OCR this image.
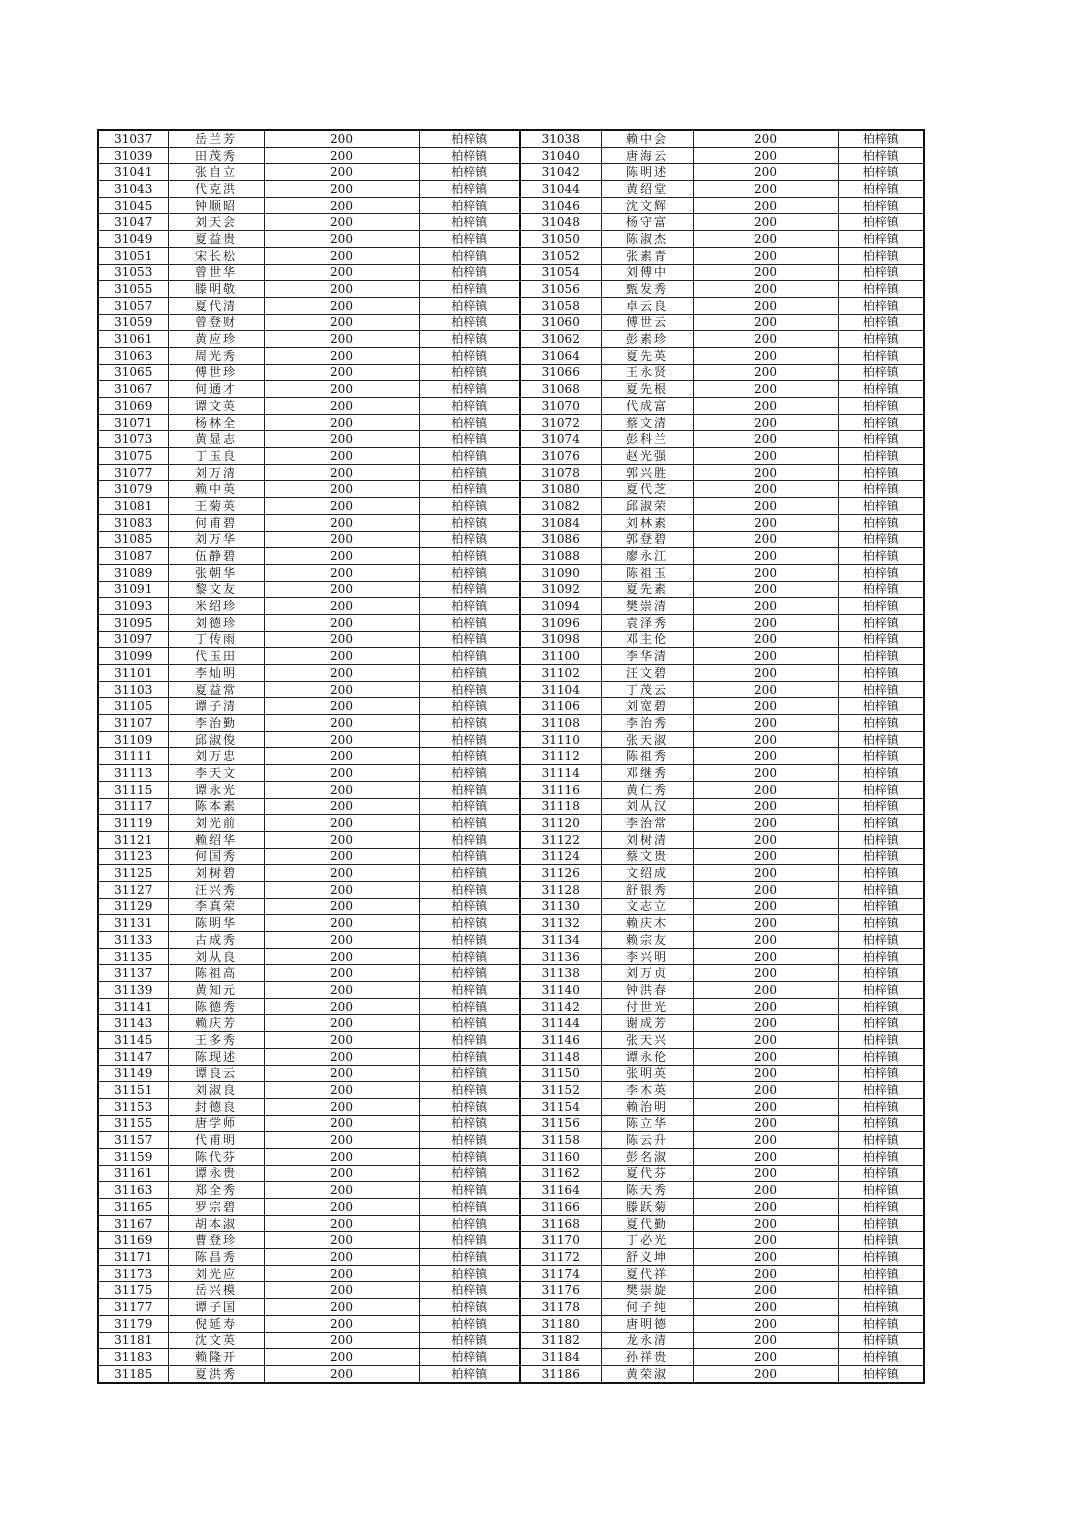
31037	岳兰芳	200	柏梓镇	31038	赖中会	200	柏梓镇
31039	田茂秀	200	柏梓镇	31040	唐海云	200	柏梓镇
31041	张自立	200	柏梓镇	31042	陈明述	200	柏梓镇
31043	代克洪	200	柏梓镇	31044	黄绍堂	200	柏梓镇
31045	钟顺昭	200	柏梓镇	31046	沈文辉	200	柏梓镇
31047	刘天会	200	柏梓镇	31048	杨守富	200	柏梓镇
31049	夏益贵	200	柏梓镇	31050	陈淑杰	200	柏梓镇
31051	宋长松	200	柏梓镇	31052	张素青	200	柏梓镇
31053	曾世华	200	柏梓镇	31054	刘傅中	200	柏梓镇
31055	滕明敬	200	柏梓镇	31056	甄发秀	200	柏梓镇
31057	夏代清	200	柏梓镇	31058	卓云良	200	柏梓镇
31059	曾登财	200	柏梓镇	31060	傅世云	200	柏梓镇
31061	黄应珍	200	柏梓镇	31062	彭素珍	200	柏梓镇
31063	周光秀	200	柏梓镇	31064	夏先英	200	柏梓镇
31065	傅世珍	200	柏梓镇	31066	王永贤	200	柏梓镇
31067	何通才	200	柏梓镇	31068	夏先根	200	柏梓镇
31069	谭文英	200	柏梓镇	31070	代成富	200	柏梓镇
31071	杨林全	200	柏梓镇	31072	蔡文清	200	柏梓镇
31073	黄显志	200	柏梓镇	31074	彭科兰	200	柏梓镇
31075	丁玉良	200	柏梓镇	31076	赵光强	200	柏梓镇
31077	刘万清	200	柏梓镇	31078	郭兴胜	200	柏梓镇
31079	赖中英	200	柏梓镇	31080	夏代芝	200	柏梓镇
31081	王菊英	200	柏梓镇	31082	邱淑荣	200	柏梓镇
31083	何甫碧	200	柏梓镇	31084	刘林素	200	柏梓镇
31085	刘万华	200	柏梓镇	31086	郭登碧	200	柏梓镇
31087	伍静碧	200	柏梓镇	31088	廖永江	200	柏梓镇
31089	张朝华	200	柏梓镇	31090	陈祖玉	200	柏梓镇
31091	黎文友	200	柏梓镇	31092	夏先素	200	柏梓镇
31093	米绍珍	200	柏梓镇	31094	樊崇清	200	柏梓镇
31095	刘德珍	200	柏梓镇	31096	袁泽秀	200	柏梓镇
31097	丁传雨	200	柏梓镇	31098	邓主伦	200	柏梓镇
31099	代玉田	200	柏梓镇	31100	李华清	200	柏梓镇
31101	李灿明	200	柏梓镇	31102	汪文碧	200	柏梓镇
31103	夏益常	200	柏梓镇	31104	丁茂云	200	柏梓镇
31105	谭子清	200	柏梓镇	31106	刘宽碧	200	柏梓镇
31107	李治勤	200	柏梓镇	31108	李治秀	200	柏梓镇
31109	邱淑俊	200	柏梓镇	31110	张天淑	200	柏梓镇
31111	刘万忠	200	柏梓镇	31112	陈祖秀	200	柏梓镇
31113	李天文	200	柏梓镇	31114	邓继秀	200	柏梓镇
31115	谭永光	200	柏梓镇	31116	黄仁秀	200	柏梓镇
31117	陈本素	200	柏梓镇	31118	刘从汉	200	柏梓镇
31119	刘光前	200	柏梓镇	31120	李治常	200	柏梓镇
31121	赖绍华	200	柏梓镇	31122	刘树清	200	柏梓镇
31123	何国秀	200	柏梓镇	31124	蔡文贵	200	柏梓镇
31125	刘树碧	200	柏梓镇	31126	文绍成	200	柏梓镇
31127	汪兴秀	200	柏梓镇	31128	舒银秀	200	柏梓镇
31129	李真荣	200	柏梓镇	31130	文志立	200	柏梓镇
31131	陈明华	200	柏梓镇	31132	赖庆木	200	柏梓镇
31133	古成秀	200	柏梓镇	31134	赖宗友	200	柏梓镇
31135	刘从良	200	柏梓镇	31136	李兴明	200	柏梓镇
31137	陈祖高	200	柏梓镇	31138	刘万贞	200	柏梓镇
31139	黄知元	200	柏梓镇	31140	钟洪春	200	柏梓镇
31141	陈德秀	200	柏梓镇	31142	付世光	200	柏梓镇
31143	赖庆芳	200	柏梓镇	31144	谢成芳	200	柏梓镇
31145	王多秀	200	柏梓镇	31146	张天兴	200	柏梓镇
31147	陈现述	200	柏梓镇	31148	谭永伦	200	柏梓镇
31149	谭良云	200	柏梓镇	31150	张明英	200	柏梓镇
31151	刘淑良	200	柏梓镇	31152	李木英	200	柏梓镇
31153	封德良	200	柏梓镇	31154	赖治明	200	柏梓镇
31155	唐学师	200	柏梓镇	31156	陈立华	200	柏梓镇
31157	代甫明	200	柏梓镇	31158	陈云升	200	柏梓镇
31159	陈代芬	200	柏梓镇	31160	彭名淑	200	柏梓镇
31161	谭永贵	200	柏梓镇	31162	夏代芬	200	柏梓镇
31163	郑全秀	200	柏梓镇	31164	陈天秀	200	柏梓镇
31165	罗宗碧	200	柏梓镇	31166	滕跃菊	200	柏梓镇
31167	胡本淑	200	柏梓镇	31168	夏代勤	200	柏梓镇
31169	曹登珍	200	柏梓镇	31170	丁必光	200	柏梓镇
31171	陈昌秀	200	柏梓镇	31172	舒义坤	200	柏梓镇
31173	刘光应	200	柏梓镇	31174	夏代祥	200	柏梓镇
31175	岳兴模	200	柏梓镇	31176	樊崇旋	200	柏梓镇
31177	谭子国	200	柏梓镇	31178	何子纯	200	柏梓镇
31179	倪延寿	200	柏梓镇	31180	唐明德	200	柏梓镇
31181	沈文英	200	柏梓镇	31182	龙永清	200	柏梓镇
31183	赖隆开	200	柏梓镇	31184	孙祥贵	200	柏梓镇
31185	夏洪秀	200	柏梓镇	31186	黄荣淑	200	柏梓镇
